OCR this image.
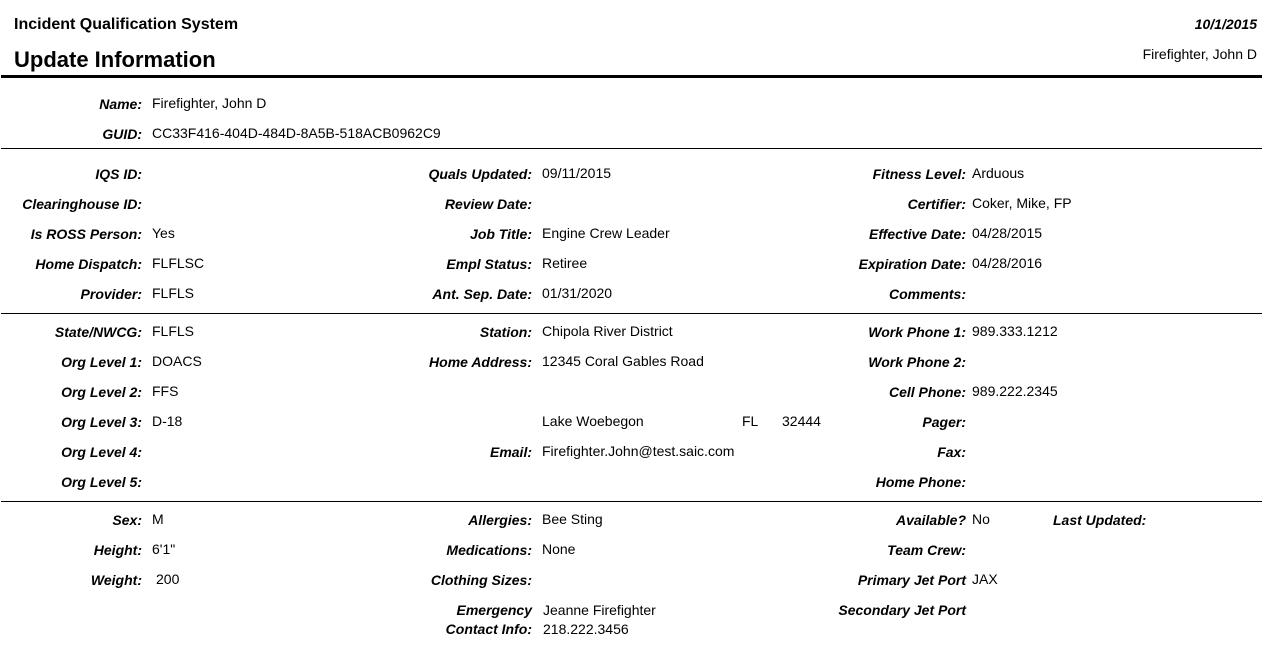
Incident Qualification System
Update Information
10/1/2015
Firefighter, John D
Name: Firefighter, John D
GUID: CC33F416-404D-484D-8A5B-518ACB0962C9
IQS ID:
Clearinghouse ID:
Is ROSS Person: Yes
Home Dispatch: FLFLSC
Provider: FLFLS
Quals Updated: 09/11/2015
Review Date:
Job Title: Engine Crew Leader
Empl Status: Retiree
Ant. Sep. Date: 01/31/2020
Fitness Level: Arduous
Certifier: Coker, Mike, FP
Effective Date: 04/28/2015
Expiration Date: 04/28/2016
Comments:
State/NWCG: FLFLS
Org Level 1: DOACS
Org Level 2: FFS
Org Level 3: D-18
Org Level 4:
Org Level 5:
Station: Chipola River District
Home Address: 12345 Coral Gables Road
Lake Woebegon	FL 32444
Email: Firefighter.John@test.saic.com
Work Phone 1: 989.333.1212
Work Phone 2:
Cell Phone: 989.222.2345
Pager:
Fax:
Home Phone:
Sex: M
Height: 6'1"
Weight: 200
Allergies: Bee Sting
Medications: None
Clothing Sizes:
Emergency
Contact Info:
Jeanne Firefighter
218.222.3456
Available? No	Last Updated:
Team Crew:
Primary Jet Port JAX
Secondary Jet Port
